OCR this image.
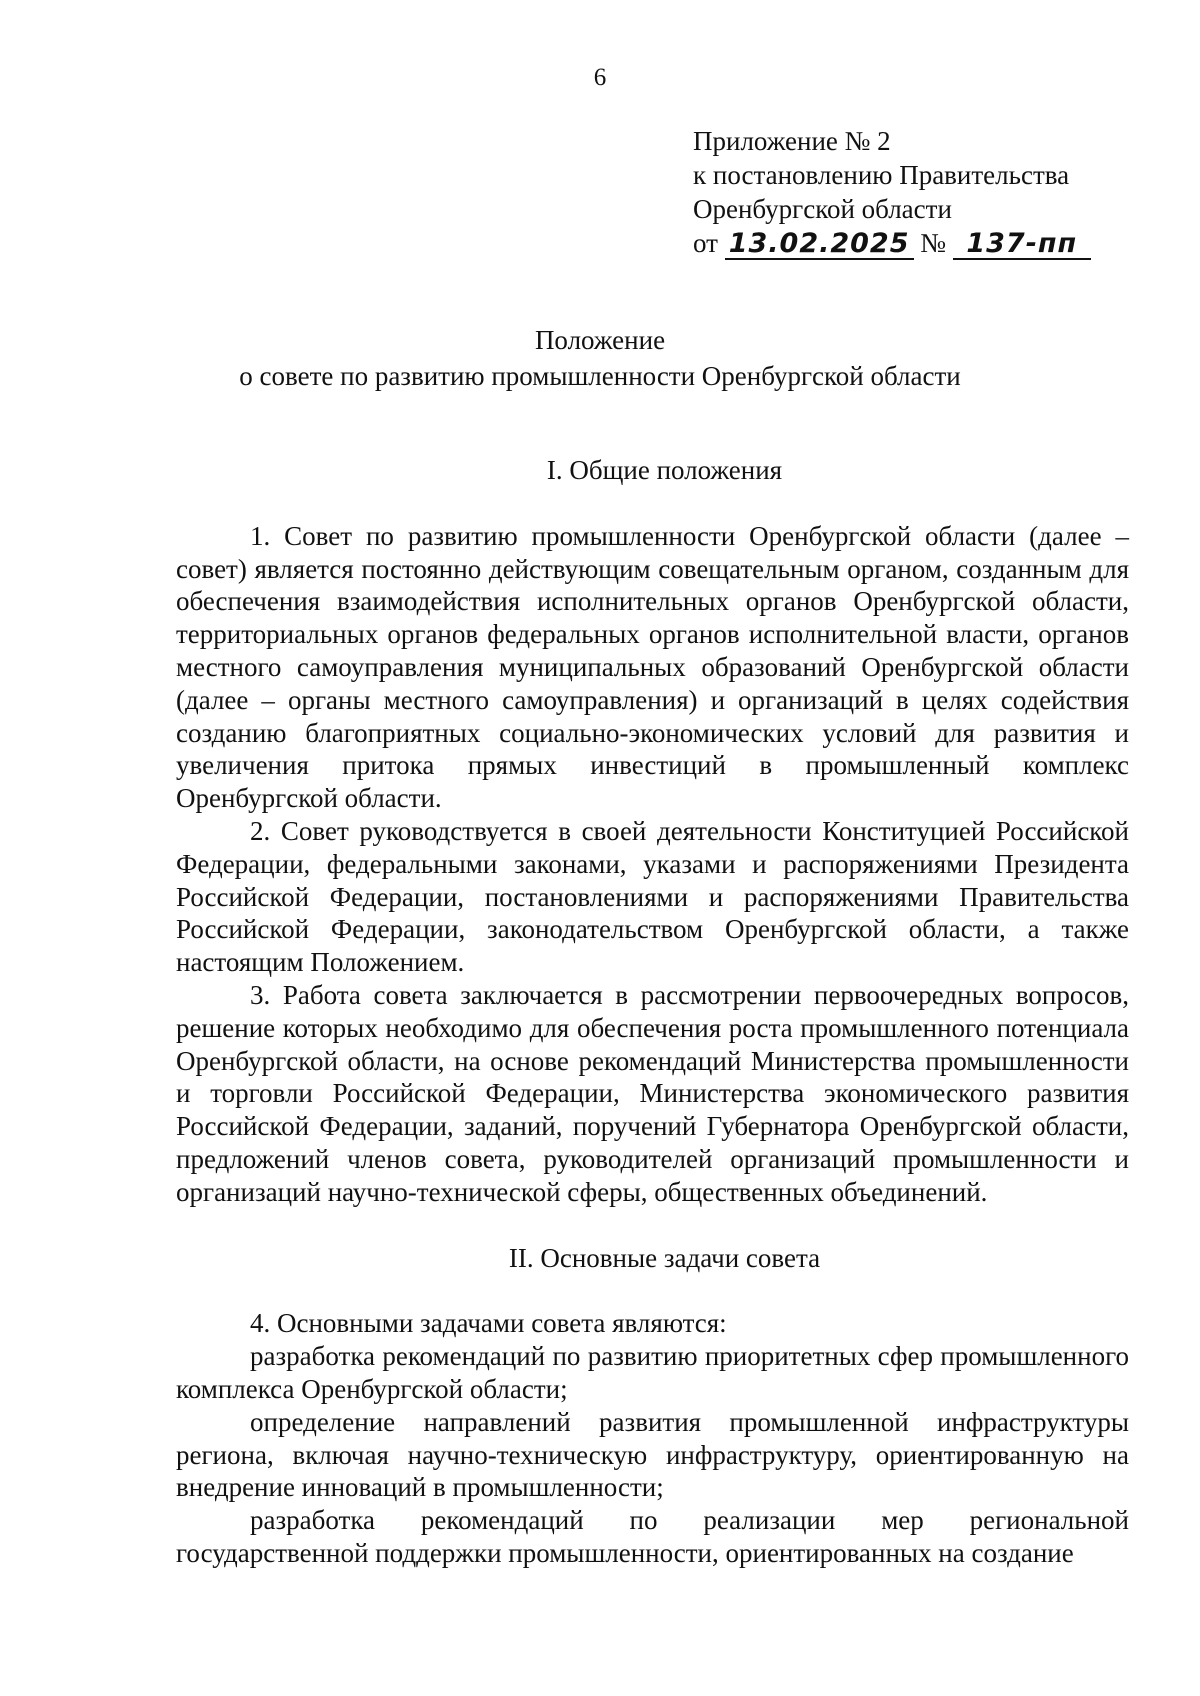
6
Приложение № 2
к постановлению Правительства
Оренбургской области
от 13.02.2025 № 137-пп
Положение
о совете по развитию промышленности Оренбургской области
I. Общие положения

1. Совет по развитию промышленности Оренбургской области (далее – совет) является постоянно действующим совещательным органом, созданным для обеспечения взаимодействия исполнительных органов Оренбургской области, территориальных органов федеральных органов исполнительной власти, органов местного самоуправления муниципальных образований Оренбургской области (далее – органы местного самоуправления) и организаций в целях содействия созданию благоприятных социально-экономических условий для развития и увеличения притока прямых инвестиций в промышленный комплекс Оренбургской области.

2. Совет руководствуется в своей деятельности Конституцией Российской Федерации, федеральными законами, указами и распоряжениями Президента Российской Федерации, постановлениями и распоряжениями Правительства Российской Федерации, законодательством Оренбургской области, а также настоящим Положением.

3. Работа совета заключается в рассмотрении первоочередных вопросов, решение которых необходимо для обеспечения роста промышленного потенциала Оренбургской области, на основе рекомендаций Министерства промышленности и торговли Российской Федерации, Министерства экономического развития Российской Федерации, заданий, поручений Губернатора Оренбургской области, предложений членов совета, руководителей организаций промышленности и организаций научно-технической сферы, общественных объединений.

II. Основные задачи совета

4. Основными задачами совета являются:

разработка рекомендаций по развитию приоритетных сфер промышленного комплекса Оренбургской области;

определение направлений развития промышленной инфраструктуры региона, включая научно-техническую инфраструктуру, ориентированную на внедрение инноваций в промышленности;

разработка рекомендаций по реализации мер региональной государственной поддержки промышленности, ориентированных на создание
